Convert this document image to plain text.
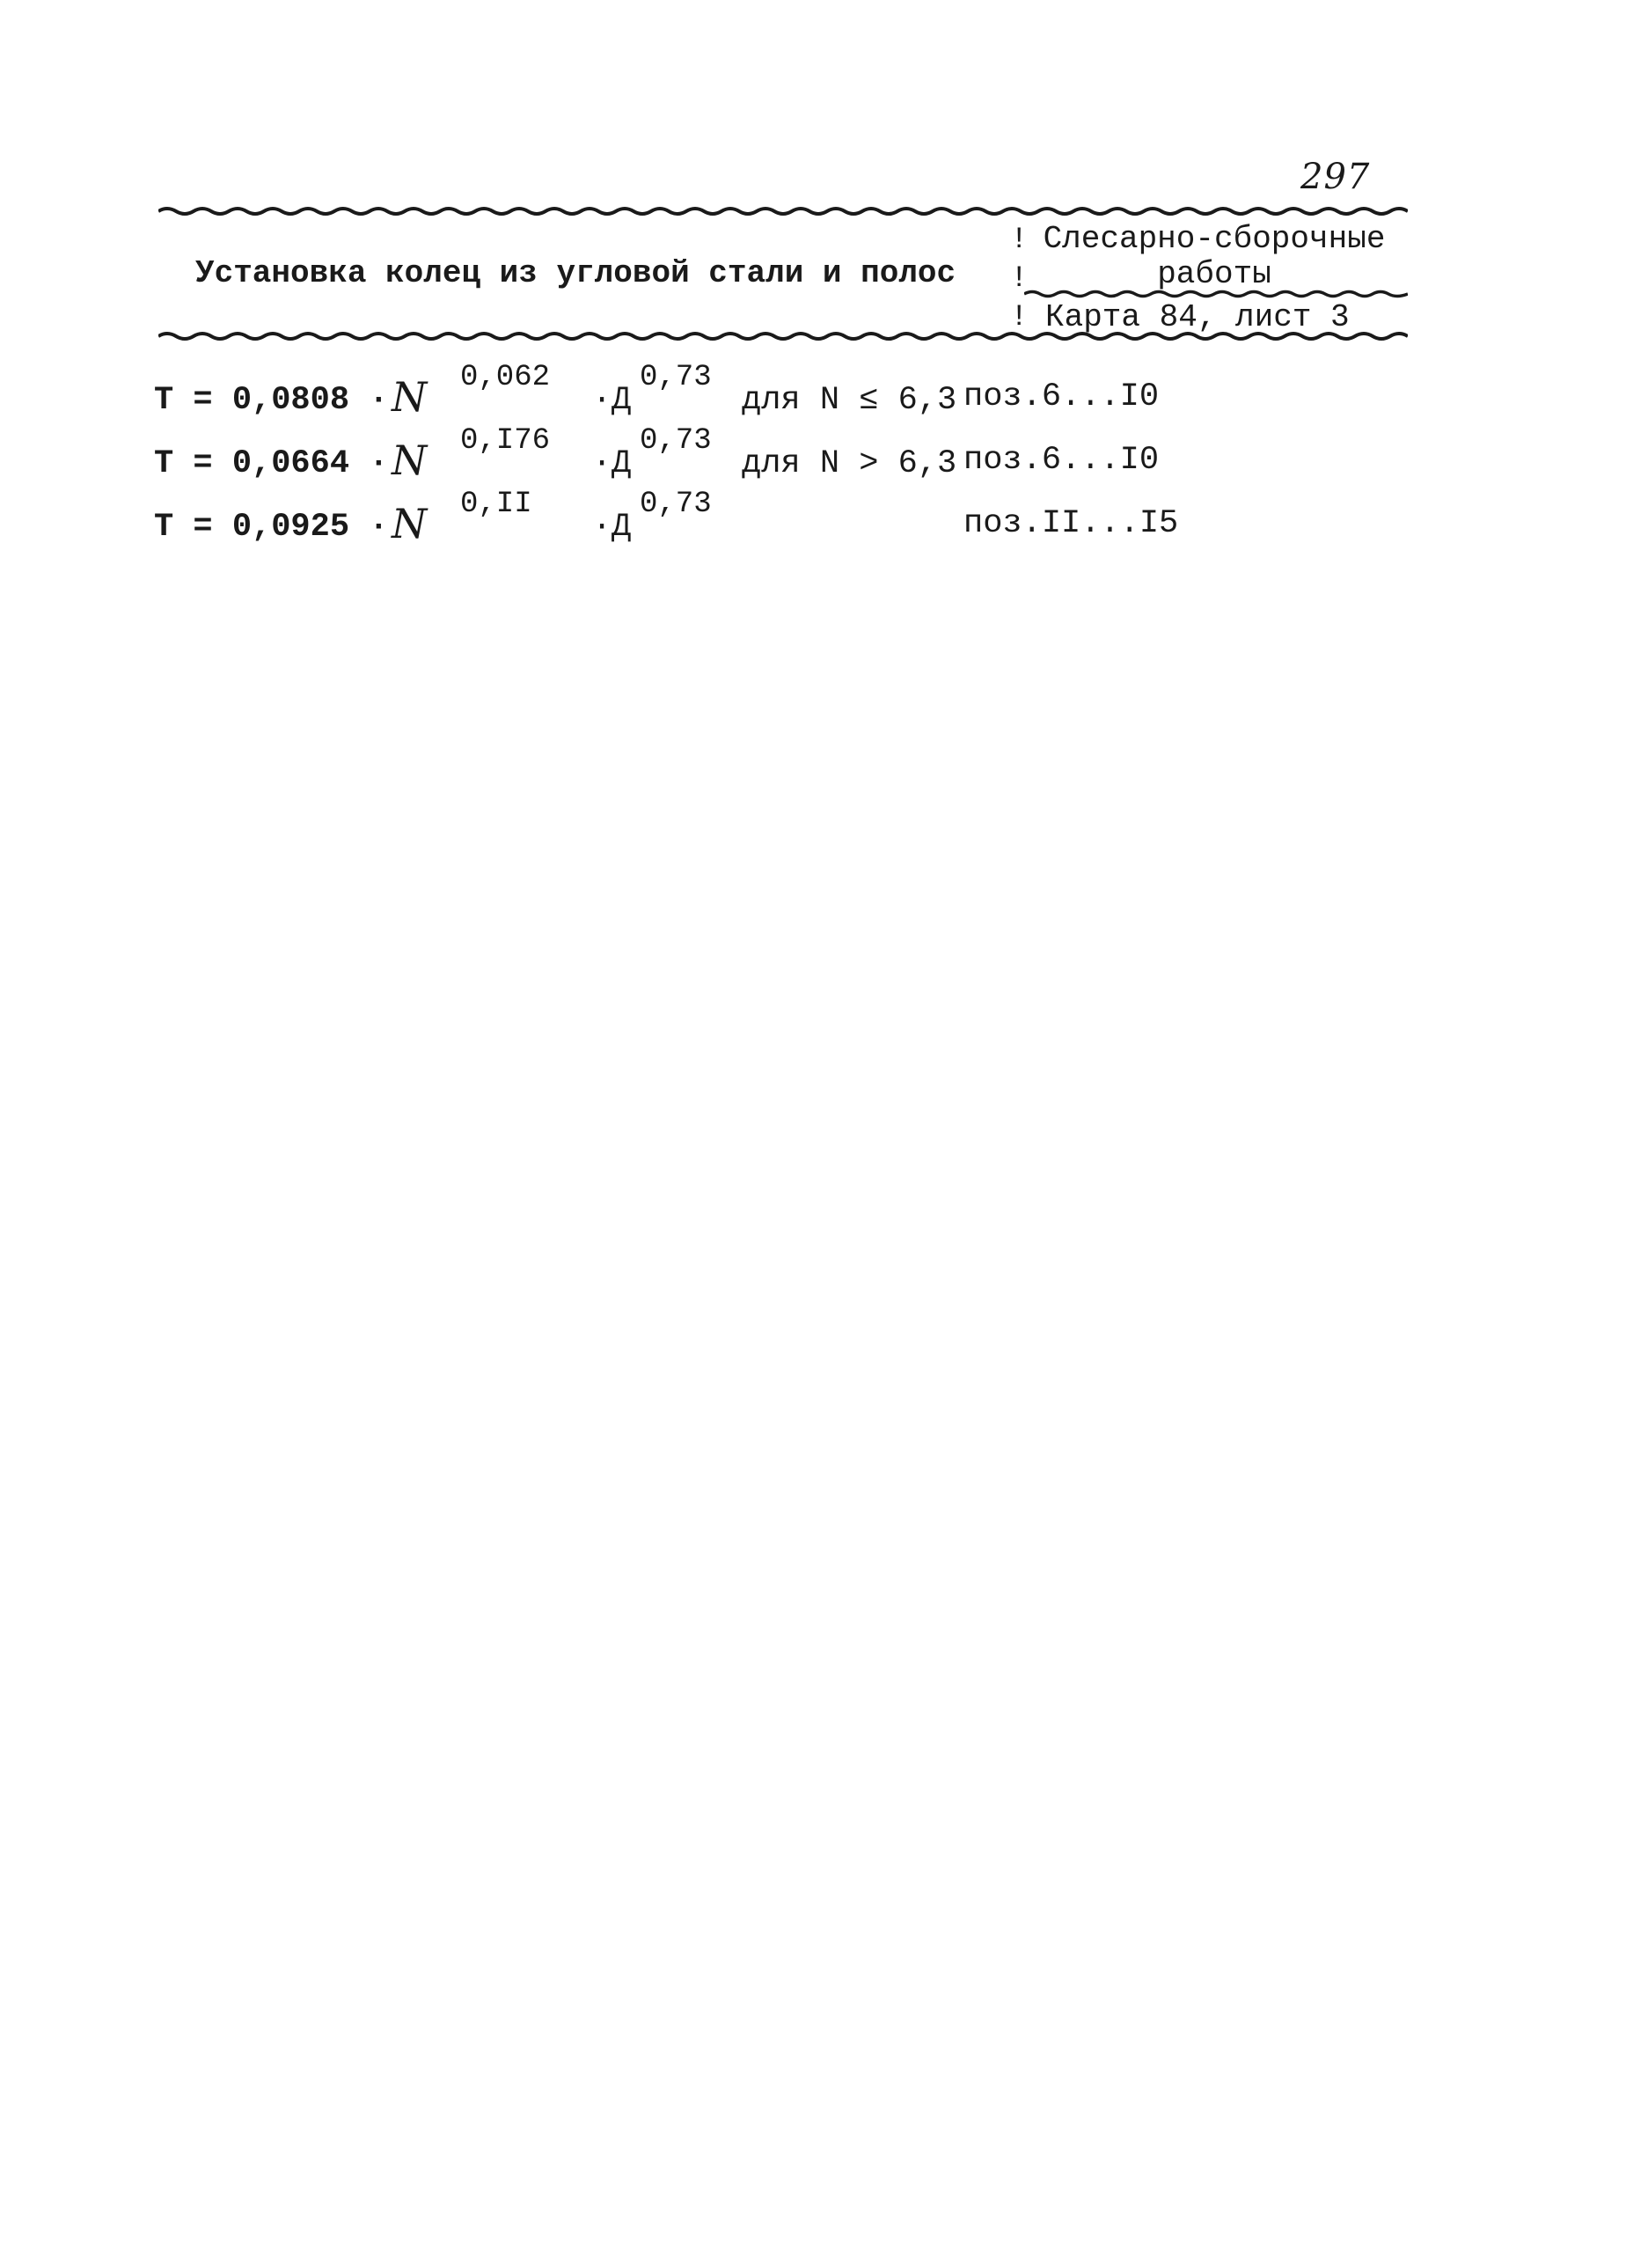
297
Установка колец из угловой стали и полос
!
!
!
Слесарно-сборочные
работы
Карта 84, лист 3
Т = 0,0808 · N 0,062
· Д
0,73
для N ≤ 6,3 поз.6...I0
Т = 0,0664 · N 0,I76
· Д
0,73
для N > 6,3 поз.6...I0
Т = 0,0925 · N 0,II
· Д
0,73
поз.II...I5
